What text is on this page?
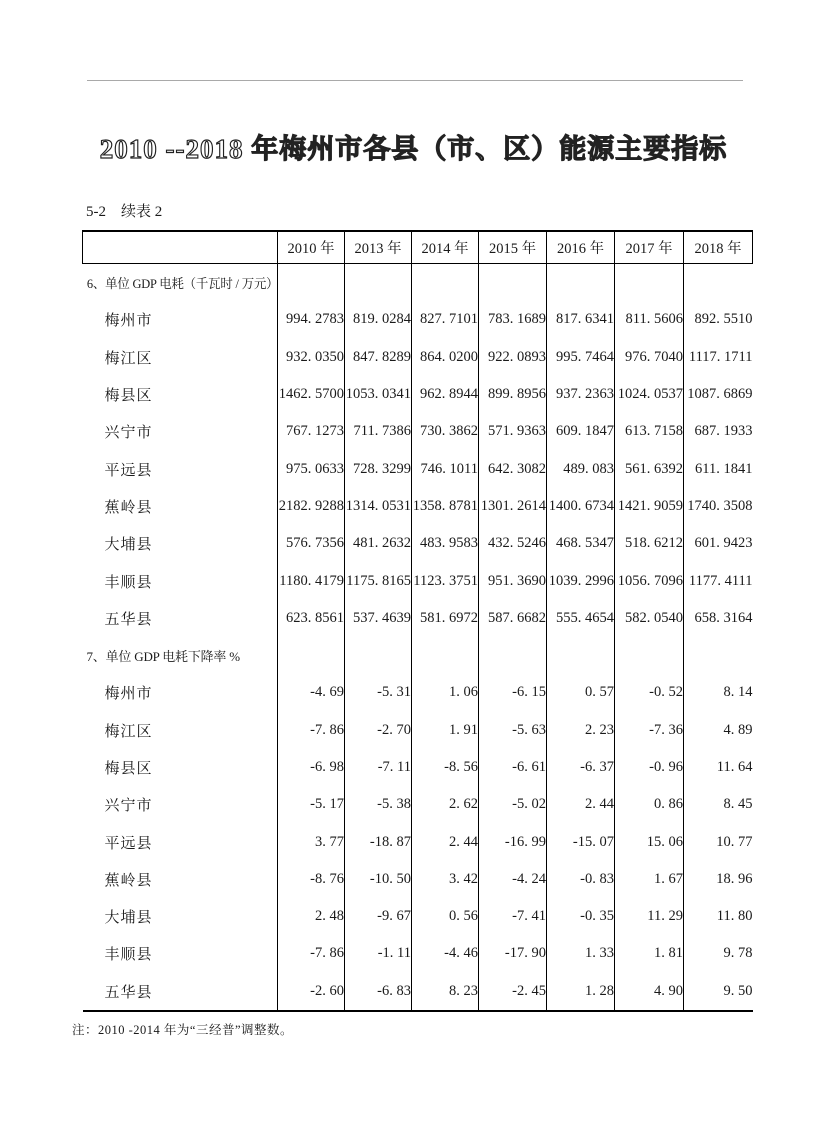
2010 --2018 年梅州市各县（市、区）能源主要指标
5-2　续表 2
	2010 年	2013 年	2014 年	2015 年	2016 年	2017 年	2018 年
6、单位 GDP 电耗（千瓦时 / 万元）							
梅州市	994. 2783	819. 0284	827. 7101	783. 1689	817. 6341	811. 5606	892. 5510
梅江区	932. 0350	847. 8289	864. 0200	922. 0893	995. 7464	976. 7040	1117. 1711
梅县区	1462. 5700	1053. 0341	962. 8944	899. 8956	937. 2363	1024. 0537	1087. 6869
兴宁市	767. 1273	711. 7386	730. 3862	571. 9363	609. 1847	613. 7158	687. 1933
平远县	975. 0633	728. 3299	746. 1011	642. 3082	489. 083	561. 6392	611. 1841
蕉岭县	2182. 9288	1314. 0531	1358. 8781	1301. 2614	1400. 6734	1421. 9059	1740. 3508
大埔县	576. 7356	481. 2632	483. 9583	432. 5246	468. 5347	518. 6212	601. 9423
丰顺县	1180. 4179	1175. 8165	1123. 3751	951. 3690	1039. 2996	1056. 7096	1177. 4111
五华县	623. 8561	537. 4639	581. 6972	587. 6682	555. 4654	582. 0540	658. 3164
7、单位 GDP 电耗下降率 %							
梅州市	-4. 69	-5. 31	1. 06	-6. 15	0. 57	-0. 52	8. 14
梅江区	-7. 86	-2. 70	1. 91	-5. 63	2. 23	-7. 36	4. 89
梅县区	-6. 98	-7. 11	-8. 56	-6. 61	-6. 37	-0. 96	11. 64
兴宁市	-5. 17	-5. 38	2. 62	-5. 02	2. 44	0. 86	8. 45
平远县	3. 77	-18. 87	2. 44	-16. 99	-15. 07	15. 06	10. 77
蕉岭县	-8. 76	-10. 50	3. 42	-4. 24	-0. 83	1. 67	18. 96
大埔县	2. 48	-9. 67	0. 56	-7. 41	-0. 35	11. 29	11. 80
丰顺县	-7. 86	-1. 11	-4. 46	-17. 90	1. 33	1. 81	9. 78
五华县	-2. 60	-6. 83	8. 23	-2. 45	1. 28	4. 90	9. 50
注：2010 -2014 年为“三经普”调整数。
